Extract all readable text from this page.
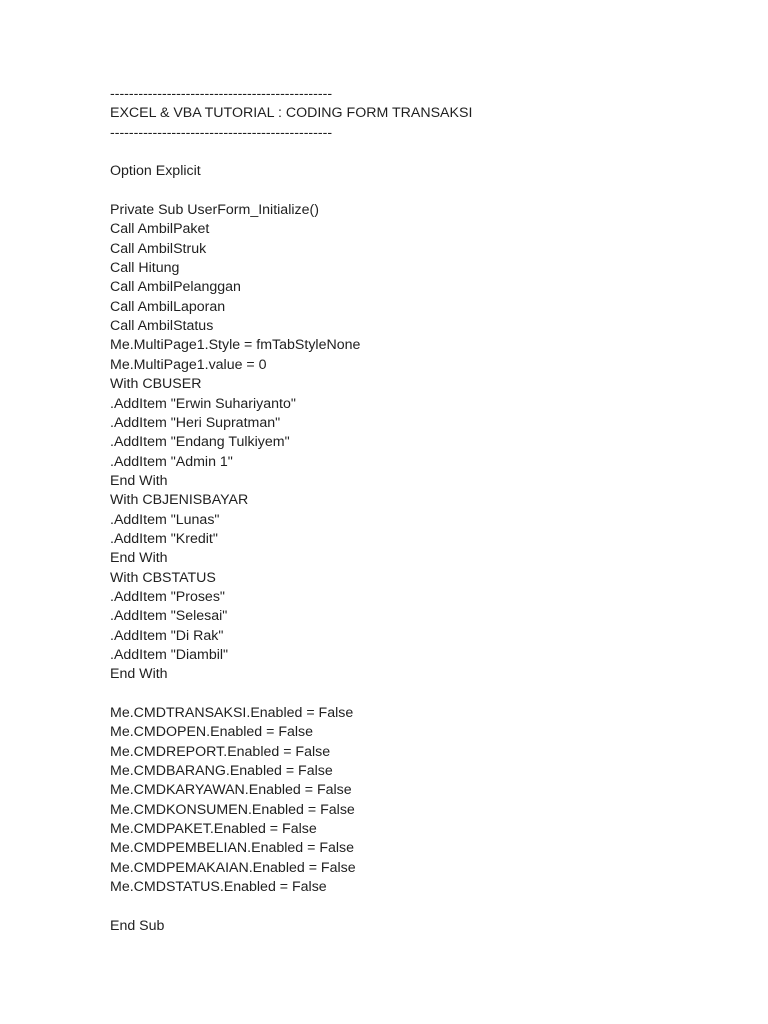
-----------------------------------------------
EXCEL & VBA TUTORIAL : CODING FORM TRANSAKSI
-----------------------------------------------
Option Explicit
Private Sub UserForm_Initialize()
Call AmbilPaket
Call AmbilStruk
Call Hitung
Call AmbilPelanggan
Call AmbilLaporan
Call AmbilStatus
Me.MultiPage1.Style = fmTabStyleNone
Me.MultiPage1.value = 0
With CBUSER
.AddItem "Erwin Suhariyanto"
.AddItem "Heri Supratman"
.AddItem "Endang Tulkiyem"
.AddItem "Admin 1"
End With
With CBJENISBAYAR
.AddItem "Lunas"
.AddItem "Kredit"
End With
With CBSTATUS
.AddItem "Proses"
.AddItem "Selesai"
.AddItem "Di Rak"
.AddItem "Diambil"
End With
Me.CMDTRANSAKSI.Enabled = False
Me.CMDOPEN.Enabled = False
Me.CMDREPORT.Enabled = False
Me.CMDBARANG.Enabled = False
Me.CMDKARYAWAN.Enabled = False
Me.CMDKONSUMEN.Enabled = False
Me.CMDPAKET.Enabled = False
Me.CMDPEMBELIAN.Enabled = False
Me.CMDPEMAKAIAN.Enabled = False
Me.CMDSTATUS.Enabled = False
End Sub
